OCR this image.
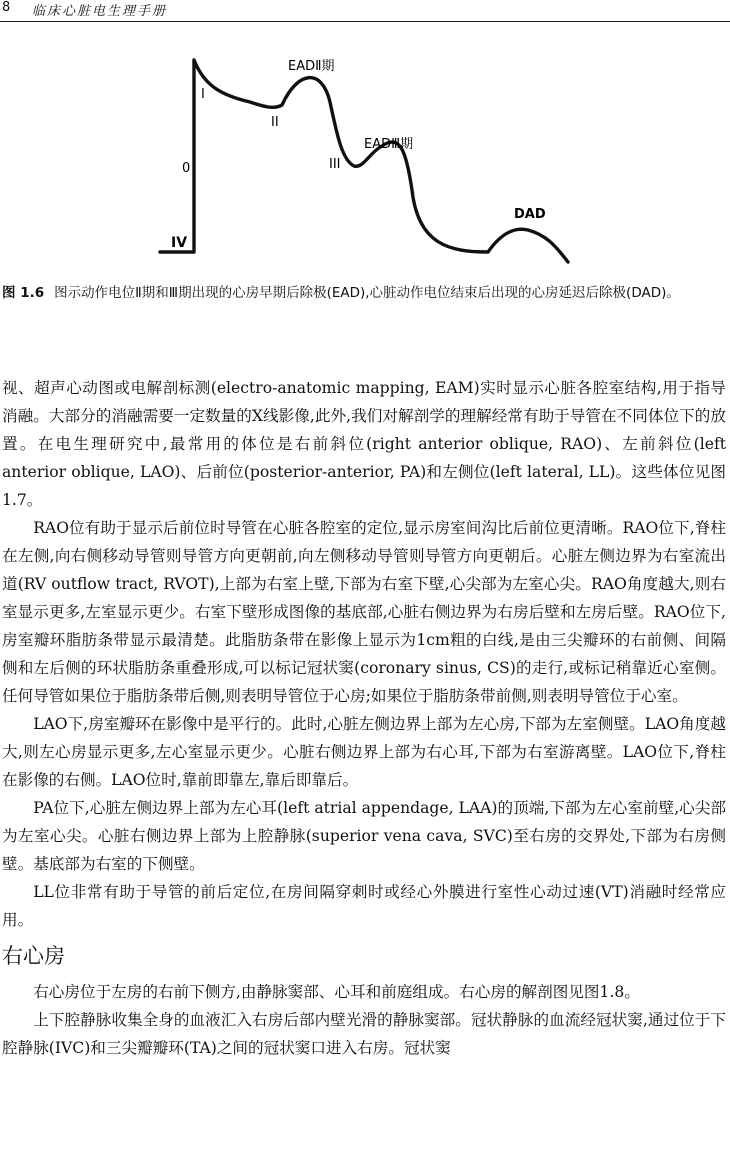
8 临床心脏电生理手册
0
I
II
III
IV
EADⅡ期
EADⅢ期
DAD
图 1.6 图示动作电位Ⅱ期和Ⅲ期出现的心房早期后除极(EAD),心脏动作电位结束后出现的心房延迟后除极(DAD)。

视、超声心动图或电解剖标测(electro-anatomic mapping, EAM)实时显示心脏各腔室结构,用于指导消融。大部分的消融需要一定数量的X线影像,此外,我们对解剖学的理解经常有助于导管在不同体位下的放置。在电生理研究中,最常用的体位是右前斜位(right anterior oblique, RAO)、左前斜位(left anterior oblique, LAO)、后前位(posterior-anterior, PA)和左侧位(left lateral, LL)。这些体位见图1.7。

RAO位有助于显示后前位时导管在心脏各腔室的定位,显示房室间沟比后前位更清晰。RAO位下,脊柱在左侧,向右侧移动导管则导管方向更朝前,向左侧移动导管则导管方向更朝后。心脏左侧边界为右室流出道(RV outflow tract, RVOT),上部为右室上壁,下部为右室下壁,心尖部为左室心尖。RAO角度越大,则右室显示更多,左室显示更少。右室下壁形成图像的基底部,心脏右侧边界为右房后壁和左房后壁。RAO位下,房室瓣环脂肪条带显示最清楚。此脂肪条带在影像上显示为1cm粗的白线,是由三尖瓣环的右前侧、间隔侧和左后侧的环状脂肪条重叠形成,可以标记冠状窦(coronary sinus, CS)的走行,或标记稍靠近心室侧。任何导管如果位于脂肪条带后侧,则表明导管位于心房;如果位于脂肪条带前侧,则表明导管位于心室。

LAO下,房室瓣环在影像中是平行的。此时,心脏左侧边界上部为左心房,下部为左室侧壁。LAO角度越大,则左心房显示更多,左心室显示更少。心脏右侧边界上部为右心耳,下部为右室游离壁。LAO位下,脊柱在影像的右侧。LAO位时,靠前即靠左,靠后即靠后。

PA位下,心脏左侧边界上部为左心耳(left atrial appendage, LAA)的顶端,下部为左心室前壁,心尖部为左室心尖。心脏右侧边界上部为上腔静脉(superior vena cava, SVC)至右房的交界处,下部为右房侧壁。基底部为右室的下侧壁。

LL位非常有助于导管的前后定位,在房间隔穿刺时或经心外膜进行室性心动过速(VT)消融时经常应用。

右心房

右心房位于左房的右前下侧方,由静脉窦部、心耳和前庭组成。右心房的解剖图见图1.8。

上下腔静脉收集全身的血液汇入右房后部内壁光滑的静脉窦部。冠状静脉的血流经冠状窦,通过位于下腔静脉(IVC)和三尖瓣瓣环(TA)之间的冠状窦口进入右房。冠状窦
